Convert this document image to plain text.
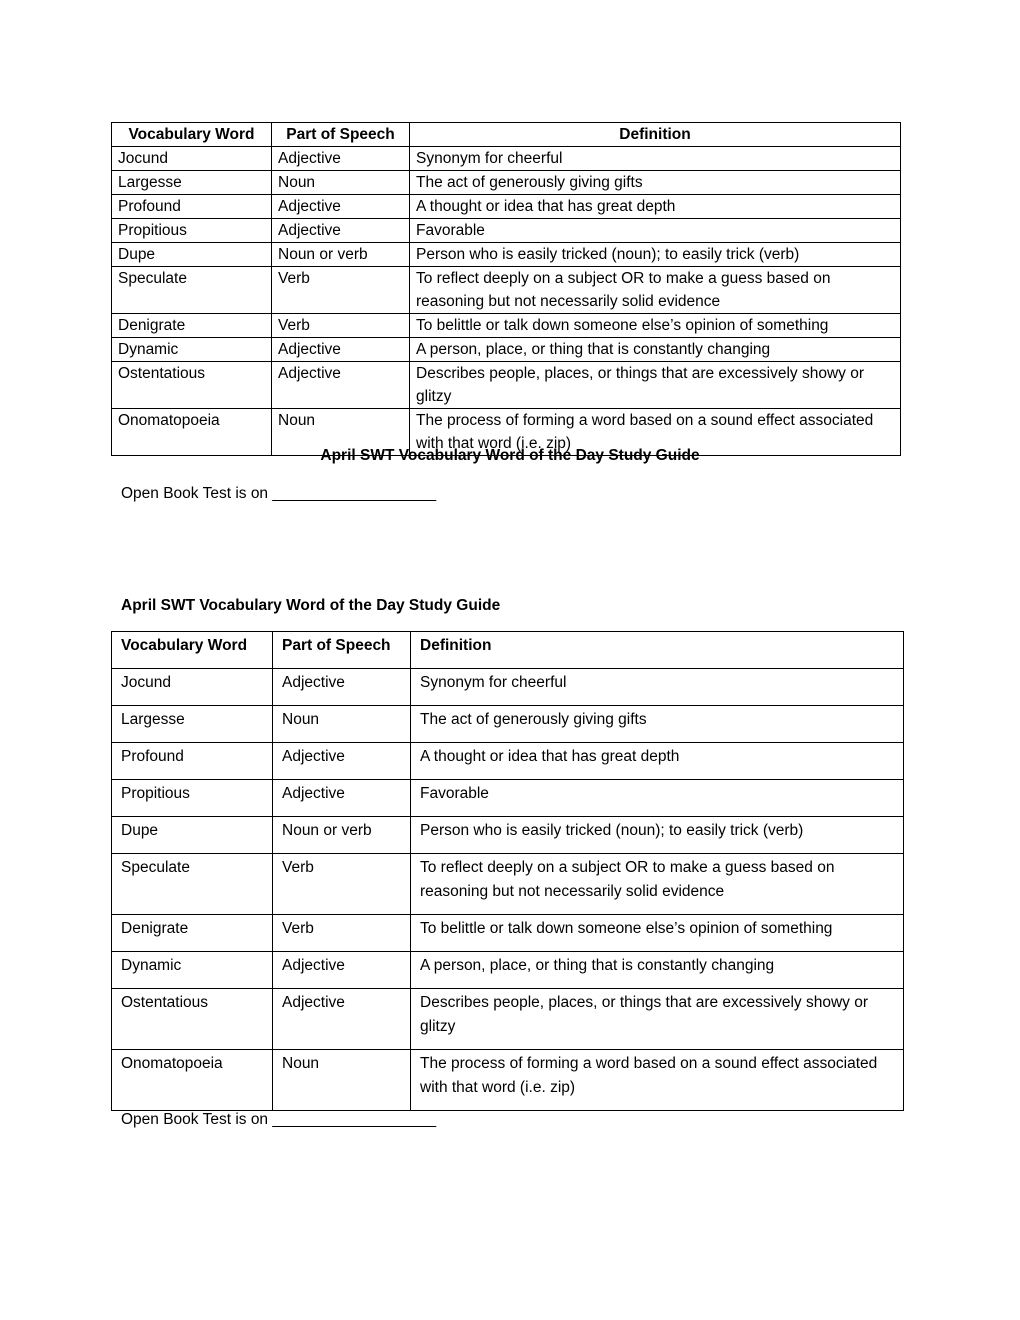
Vocabulary Word	Part of Speech	Definition
Jocund	Adjective	Synonym for cheerful
Largesse	Noun	The act of generously giving gifts
Profound	Adjective	A thought or idea that has great depth
Propitious	Adjective	Favorable
Dupe	Noun or verb	Person who is easily tricked (noun); to easily trick (verb)
Speculate	Verb	To reflect deeply on a subject OR to make a guess based on reasoning but not necessarily solid evidence
Denigrate	Verb	To belittle or talk down someone else’s opinion of something
Dynamic	Adjective	A person, place, or thing that is constantly changing
Ostentatious	Adjective	Describes people, places, or things that are excessively showy or glitzy
Onomatopoeia	Noun	The process of forming a word based on a sound effect associated with that word (i.e. zip)
April SWT Vocabulary Word of the Day Study Guide
Open Book Test is on ___________________
April SWT Vocabulary Word of the Day Study Guide
Vocabulary Word	Part of Speech	Definition
Jocund	Adjective	Synonym for cheerful
Largesse	Noun	The act of generously giving gifts
Profound	Adjective	A thought or idea that has great depth
Propitious	Adjective	Favorable
Dupe	Noun or verb	Person who is easily tricked (noun); to easily trick (verb)
Speculate	Verb	To reflect deeply on a subject OR to make a guess based on reasoning but not necessarily solid evidence
Denigrate	Verb	To belittle or talk down someone else’s opinion of something
Dynamic	Adjective	A person, place, or thing that is constantly changing
Ostentatious	Adjective	Describes people, places, or things that are excessively showy or glitzy
Onomatopoeia	Noun	The process of forming a word based on a sound effect associated with that word (i.e. zip)
Open Book Test is on ___________________
